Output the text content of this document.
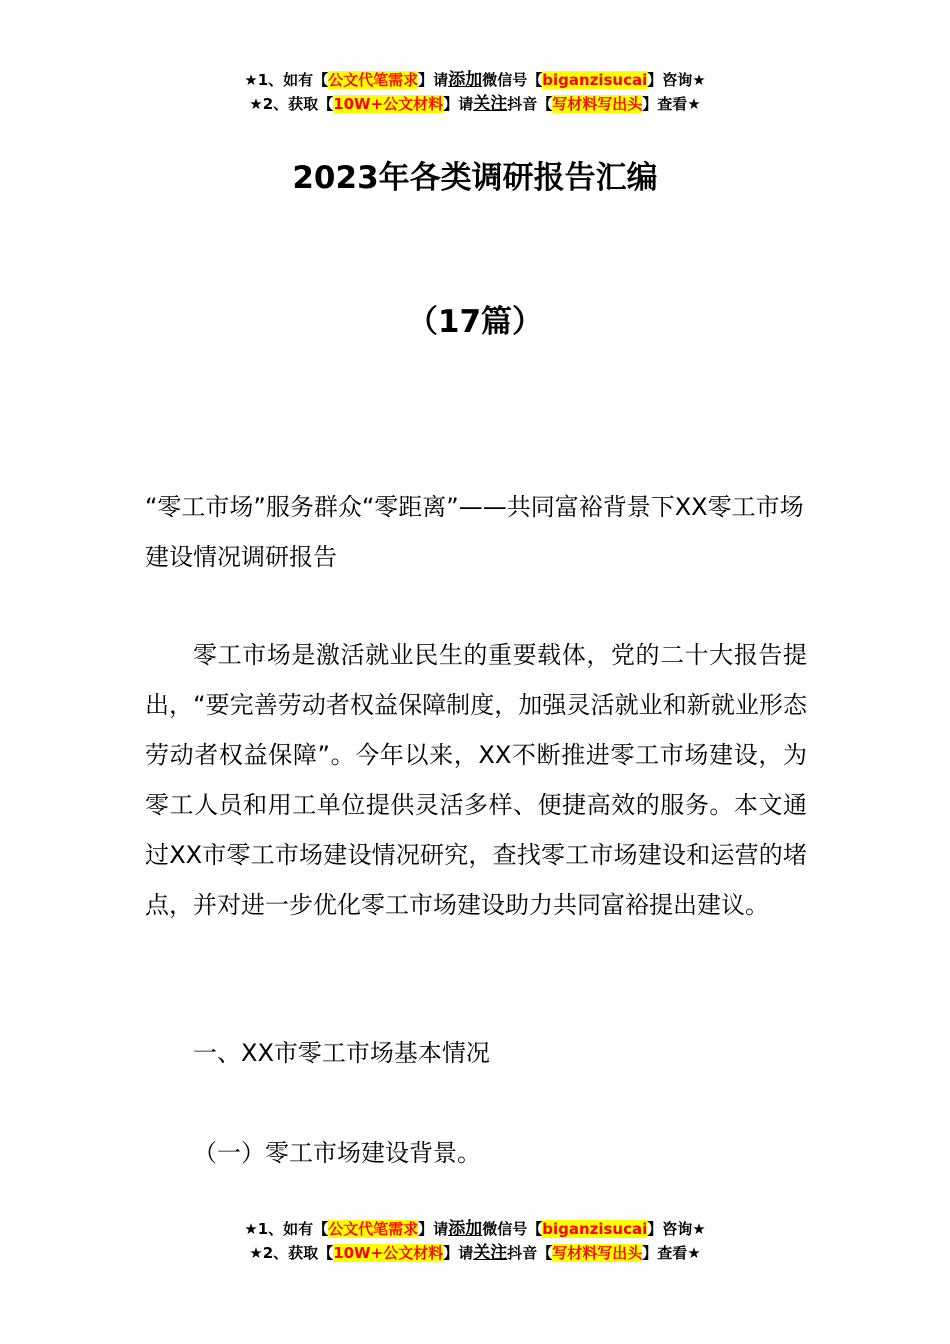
★1、如有【公文代笔需求】请添加微信号【biganzisucai】咨询★
★2、获取【10W+公文材料】请关注抖音【写材料写出头】查看★
2023年各类调研报告汇编
（17篇）

“零工市场”服务群众“零距离”——共同富裕背景下XX零工市场建设情况调研报告

零工市场是激活就业民生的重要载体，党的二十大报告提出，“要完善劳动者权益保障制度，加强灵活就业和新就业形态劳动者权益保障”。今年以来，XX不断推进零工市场建设，为零工人员和用工单位提供灵活多样、便捷高效的服务。本文通过XX市零工市场建设情况研究，查找零工市场建设和运营的堵点，并对进一步优化零工市场建设助力共同富裕提出建议。

一、XX市零工市场基本情况

（一）零工市场建设背景。

★1、如有【公文代笔需求】请添加微信号【biganzisucai】咨询★
★2、获取【10W+公文材料】请关注抖音【写材料写出头】查看★
